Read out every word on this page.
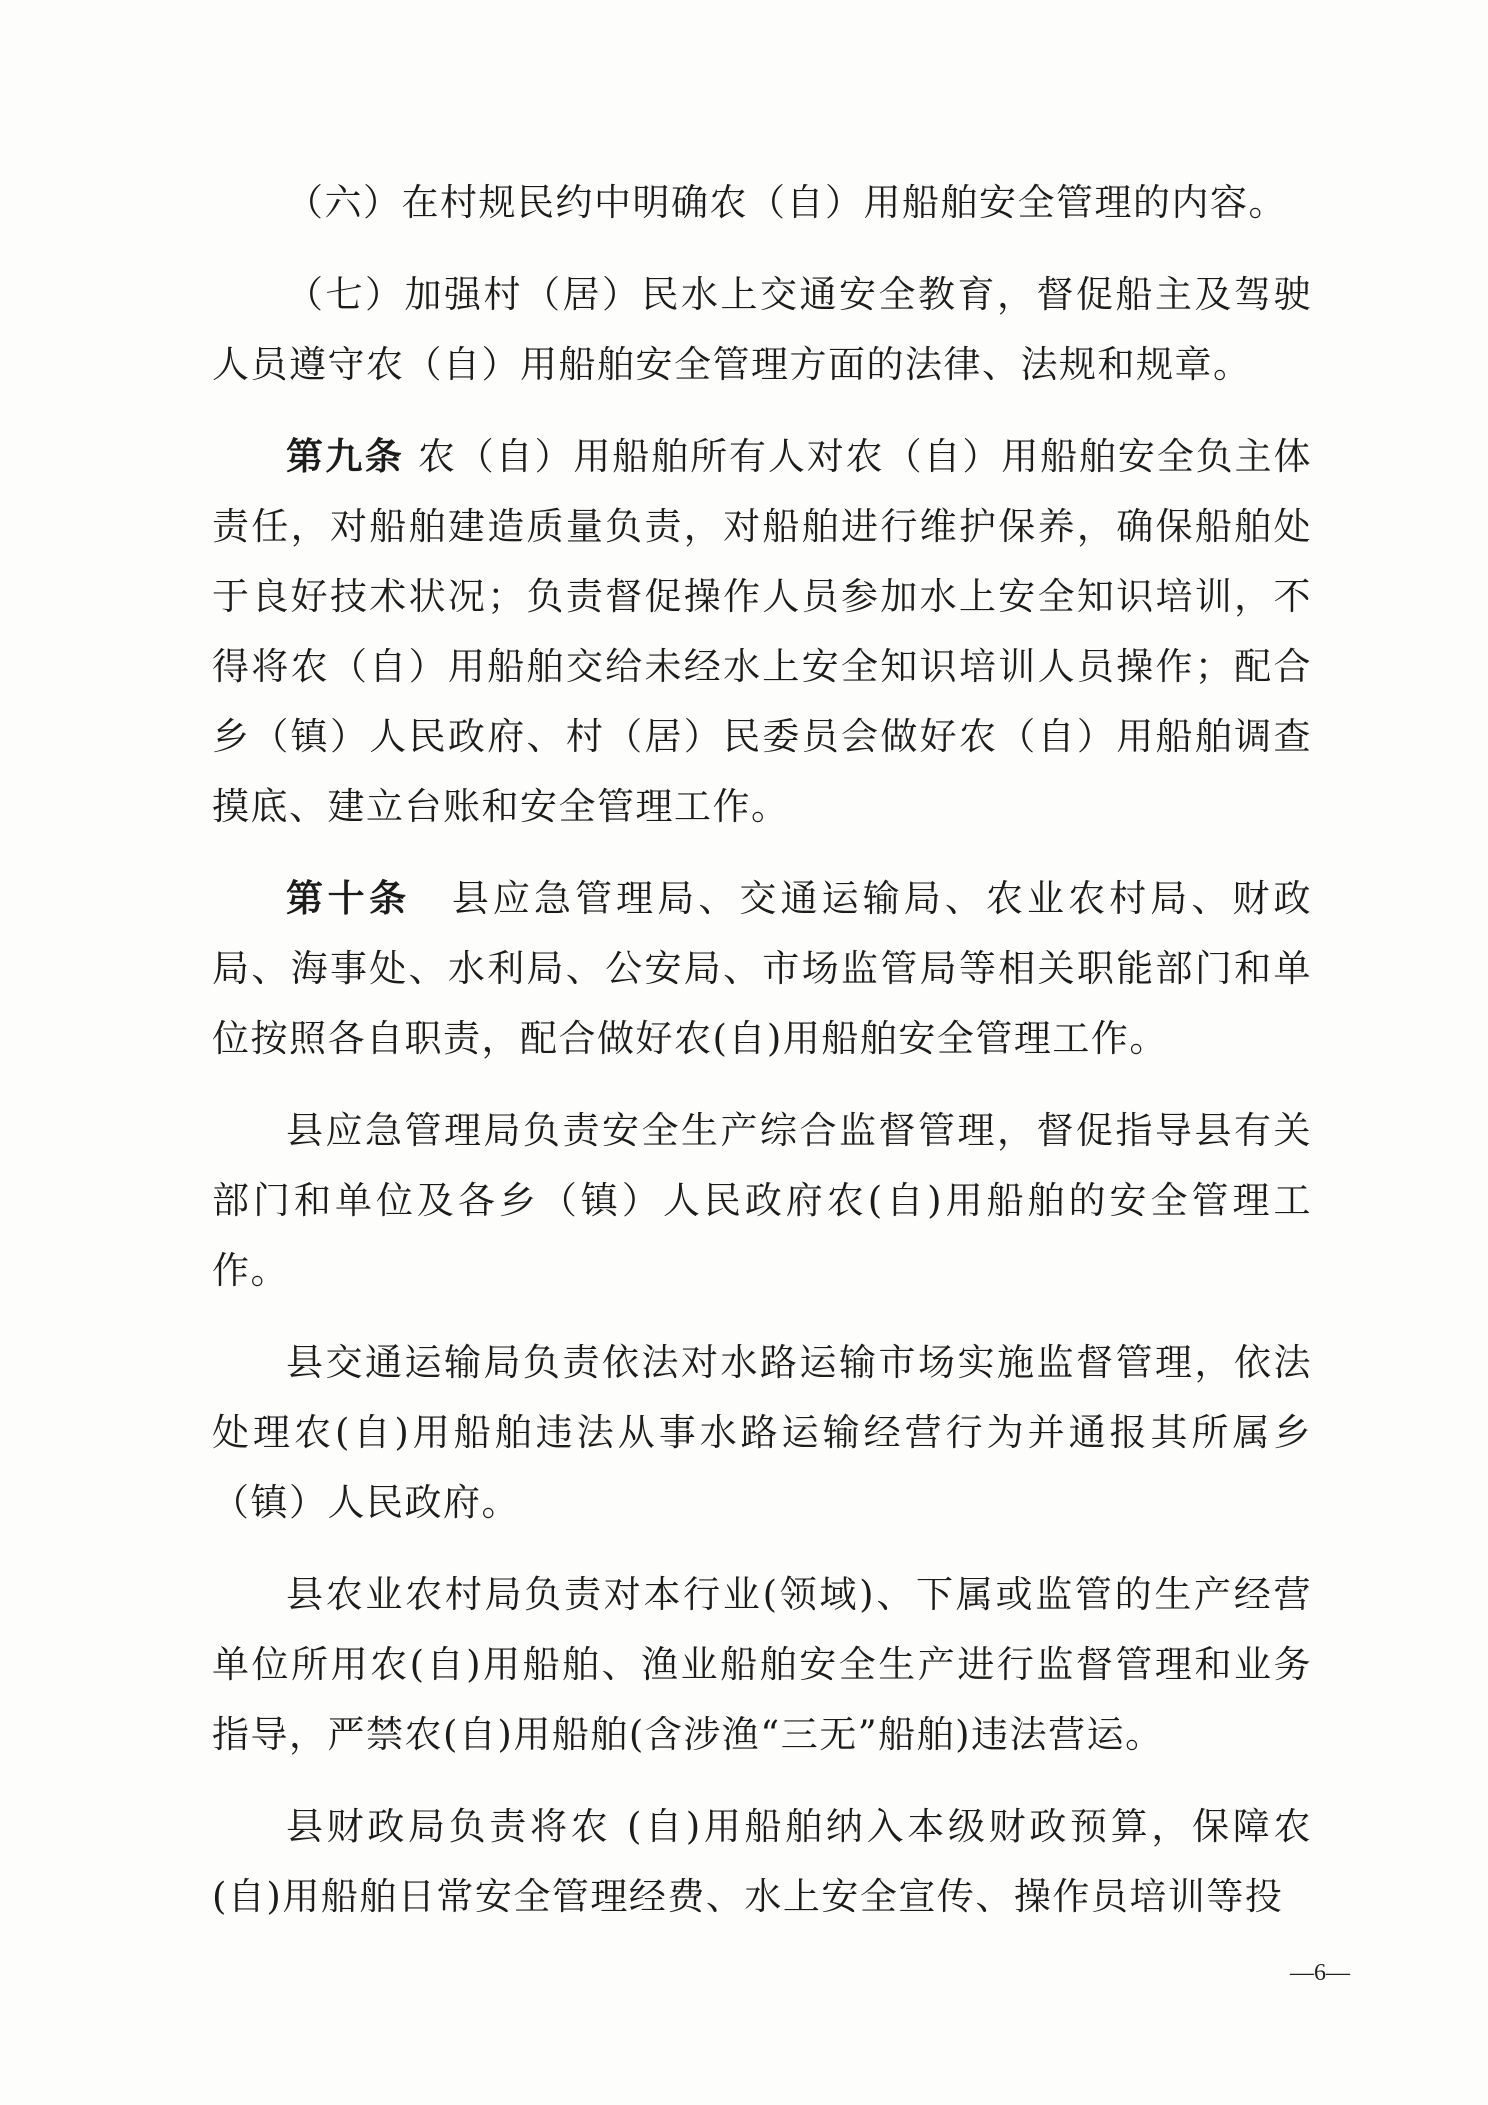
（六）在村规民约中明确农（自）用船舶安全管理的内容。

（七）加强村（居）民水上交通安全教育，督促船主及驾驶人员遵守农（自）用船舶安全管理方面的法律、法规和规章。

第九条 农（自）用船舶所有人对农（自）用船舶安全负主体责任，对船舶建造质量负责，对船舶进行维护保养，确保船舶处于良好技术状况；负责督促操作人员参加水上安全知识培训，不得将农（自）用船舶交给未经水上安全知识培训人员操作；配合乡（镇）人民政府、村（居）民委员会做好农（自）用船舶调查摸底、建立台账和安全管理工作。

第十条　县应急管理局、交通运输局、农业农村局、财政局、海事处、水利局、公安局、市场监管局等相关职能部门和单位按照各自职责，配合做好农(自)用船舶安全管理工作。

县应急管理局负责安全生产综合监督管理，督促指导县有关部门和单位及各乡（镇）人民政府农(自)用船舶的安全管理工作。

县交通运输局负责依法对水路运输市场实施监督管理，依法处理农(自)用船舶违法从事水路运输经营行为并通报其所属乡（镇）人民政府。

县农业农村局负责对本行业(领域)、下属或监管的生产经营单位所用农(自)用船舶、渔业船舶安全生产进行监督管理和业务指导，严禁农(自)用船舶(含涉渔“三无”船舶)违法营运。

县财政局负责将农 (自)用船舶纳入本级财政预算，保障农(自)用船舶日常安全管理经费、水上安全宣传、操作员培训等投

—6—
